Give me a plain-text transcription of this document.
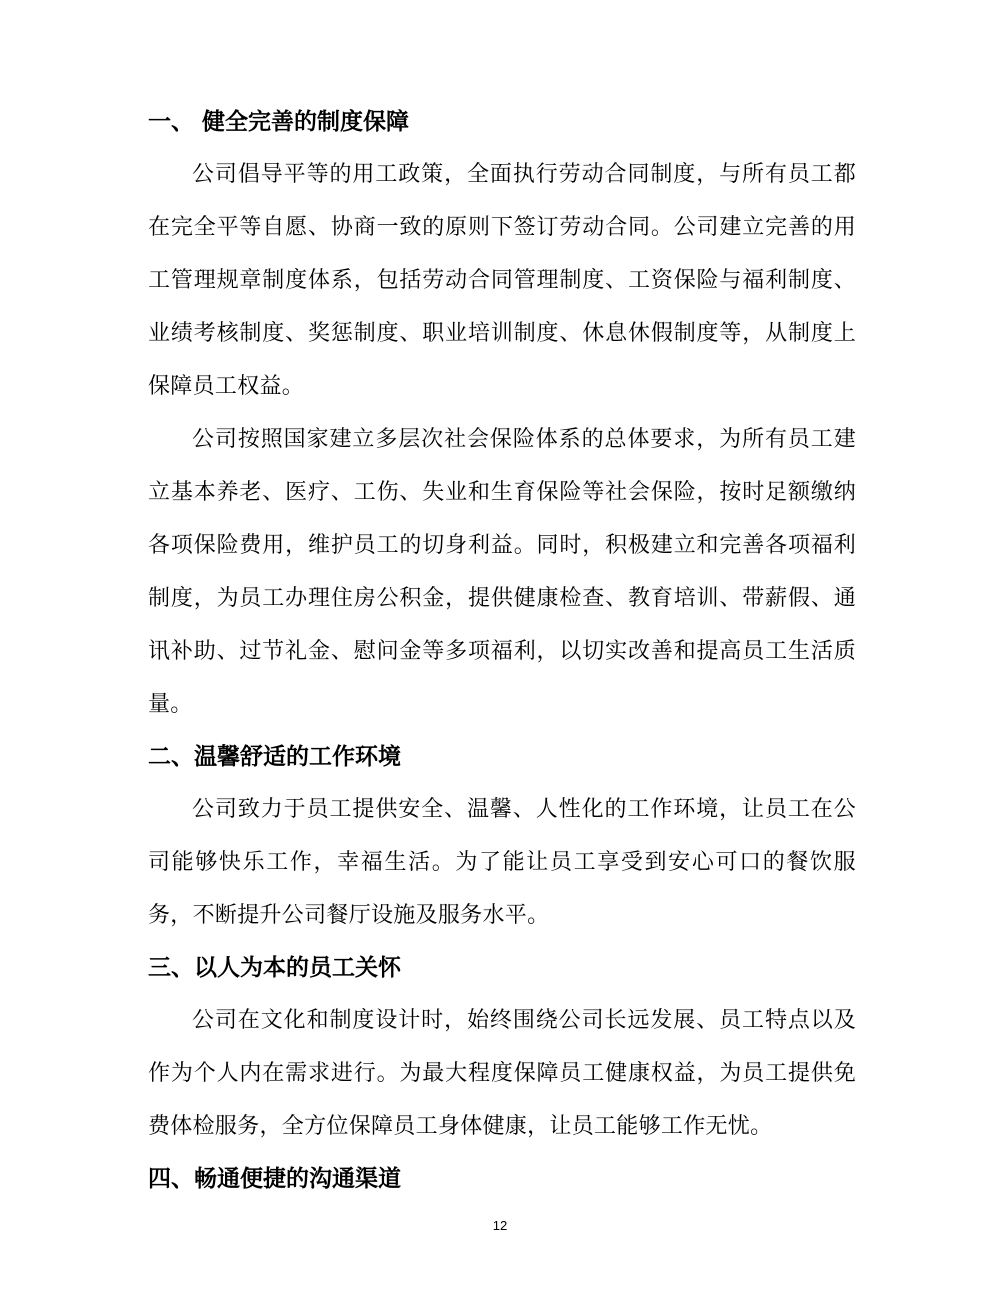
一、 健全完善的制度保障

公司倡导平等的用工政策，全面执行劳动合同制度，与所有员工都在完全平等自愿、协商一致的原则下签订劳动合同。公司建立完善的用工管理规章制度体系，包括劳动合同管理制度、工资保险与福利制度、业绩考核制度、奖惩制度、职业培训制度、休息休假制度等，从制度上保障员工权益。

公司按照国家建立多层次社会保险体系的总体要求，为所有员工建立基本养老、医疗、工伤、失业和生育保险等社会保险，按时足额缴纳各项保险费用，维护员工的切身利益。同时，积极建立和完善各项福利制度，为员工办理住房公积金，提供健康检查、教育培训、带薪假、通讯补助、过节礼金、慰问金等多项福利，以切实改善和提高员工生活质量。

二、温馨舒适的工作环境

公司致力于员工提供安全、温馨、人性化的工作环境，让员工在公司能够快乐工作，幸福生活。为了能让员工享受到安心可口的餐饮服务，不断提升公司餐厅设施及服务水平。

三、以人为本的员工关怀

公司在文化和制度设计时，始终围绕公司长远发展、员工特点以及作为个人内在需求进行。为最大程度保障员工健康权益，为员工提供免费体检服务，全方位保障员工身体健康，让员工能够工作无忧。

四、畅通便捷的沟通渠道
12
